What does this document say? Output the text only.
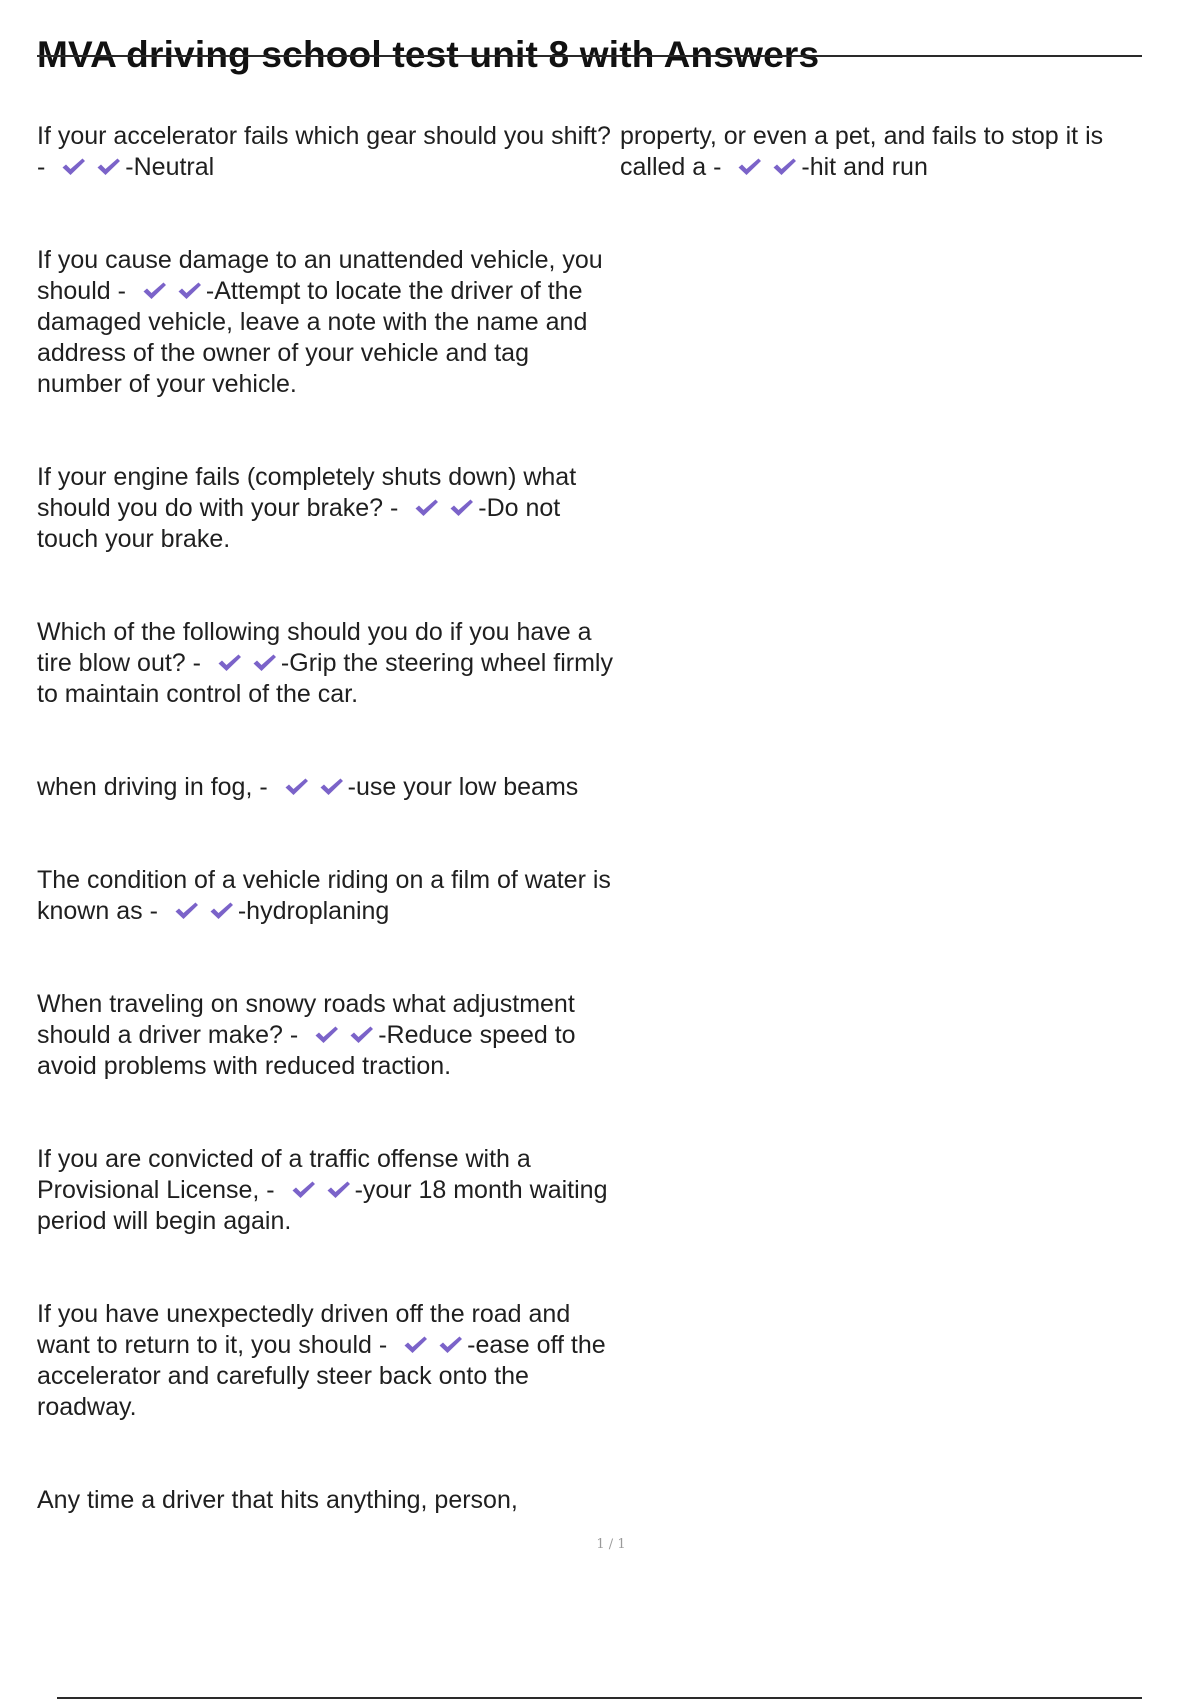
MVA driving school test unit 8 with Answers

If your accelerator fails which gear should you shift? -	-Neutral

If you cause damage to an unattended vehicle, you should -	-Attempt to locate the driver of the damaged vehicle, leave a note with the name and address of the owner of your vehicle and tag number of your vehicle.

If your engine fails (completely shuts down) what should you do with your brake? -	-Do not touch your brake.

Which of the following should you do if you have a tire blow out? -	-Grip the steering wheel firmly to maintain control of the car.

when driving in fog, -	-use your low beams

The condition of a vehicle riding on a film of water is known as -	-hydroplaning

When traveling on snowy roads what adjustment should a driver make? -	-Reduce speed to avoid problems with reduced traction.

If you are convicted of a traffic offense with a Provisional License, -	-your 18 month waiting period will begin again.

If you have unexpectedly driven off the road and want to return to it, you should -	-ease off the accelerator and carefully steer back onto the roadway.

Any time a driver that hits anything, person,

property, or even a pet, and fails to stop it is called a -	-hit and run

1 / 1
